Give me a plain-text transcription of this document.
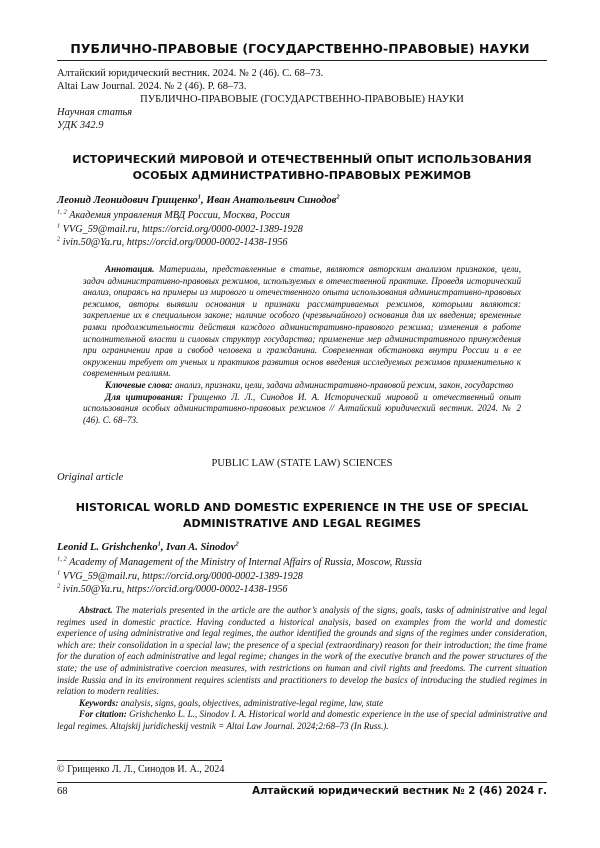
ПУБЛИЧНО-ПРАВОВЫЕ (ГОСУДАРСТВЕННО-ПРАВОВЫЕ) НАУКИ
Алтайский юридический вестник. 2024. № 2 (46). С. 68–73.
Altai Law Journal. 2024. № 2 (46). P. 68–73.
ПУБЛИЧНО-ПРАВОВЫЕ (ГОСУДАРСТВЕННО-ПРАВОВЫЕ) НАУКИ
Научная статья
УДК 342.9
ИСТОРИЧЕСКИЙ МИРОВОЙ И ОТЕЧЕСТВЕННЫЙ ОПЫТ ИСПОЛЬЗОВАНИЯ
ОСОБЫХ АДМИНИСТРАТИВНО-ПРАВОВЫХ РЕЖИМОВ
Леонид Леонидович Грищенко$^1$, Иван Анатольевич Синодов$^2$
$^{1, 2}$ Академия управления МВД России, Москва, Россия
$^1$ VVG_59@mail.ru, https://orcid.org/0000-0002-1389-1928
$^2$ ivin.50@Ya.ru, https://orcid.org/0000-0002-1438-1956

Аннотация. Материалы, представленные в статье, являются авторским анализом признаков, цели, задач административно-правовых режимов, используемых в отечественной практике. Проведя исторический анализ, опираясь на примеры из мирового и отечественного опыта использования административно-правовых режимов, авторы выявили основания и признаки рассматриваемых режимов, которыми являются: закрепление их в специальном законе; наличие особого (чрезвычайного) основания для их введения; временные рамки продолжительности действия каждого административно-правового режима; изменения в работе исполнительной власти и силовых структур государства; применение мер административного принуждения при ограничении прав и свобод человека и гражданина. Современная обстановка внутри России и в ее окружении требует от ученых и практиков развития основ введения исследуемых режимов применительно к современным реалиям.

Ключевые слова: анализ, признаки, цели, задачи административно-правовой режим, закон, государство

Для цитирования: Грищенко Л. Л., Синодов И. А. Исторический мировой и отечественный опыт использования особых административно-правовых режимов // Алтайский юридический вестник. 2024. № 2 (46). С. 68–73.

PUBLIC LAW (STATE LAW) SCIENCES
Original article
HISTORICAL WORLD AND DOMESTIC EXPERIENCE IN THE USE OF SPECIAL
ADMINISTRATIVE AND LEGAL REGIMES
Leonid L. Grishchenko$^1$, Ivan A. Sinodov$^2$
$^{1, 2}$ Academy of Management of the Ministry of Internal Affairs of Russia, Moscow, Russia
$^1$ VVG_59@mail.ru, https://orcid.org/0000-0002-1389-1928
$^2$ ivin.50@Ya.ru, https://orcid.org/0000-0002-1438-1956

Abstract. The materials presented in the article are the author’s analysis of the signs, goals, tasks of administrative and legal regimes used in domestic practice. Having conducted a historical analysis, based on examples from the world and domestic experience of using administrative and legal regimes, the author identified the grounds and signs of the regimes under consideration, which are: their consolidation in a special law; the presence of a special (extraordinary) reason for their introduction; the time frame for the duration of each administrative and legal regime; changes in the work of the executive branch and the power structures of the state; the use of administrative coercion measures, with restrictions on human and civil rights and freedoms. The current situation inside Russia and in its environment requires scientists and practitioners to develop the basics of introducing the studied regimes in relation to modern realities.

Keywords: analysis, signs, goals, objectives, administrative-legal regime, law, state

For citation: Grishchenko L. L., Sinodov I. A. Historical world and domestic experience in the use of special administrative and legal regimes. Altajskij juridicheskij vestnik = Altai Law Journal. 2024;2:68–73 (In Russ.).

© Грищенко Л. Л., Синодов И. А., 2024
68	Алтайский юридический вестник № 2 (46) 2024 г.
